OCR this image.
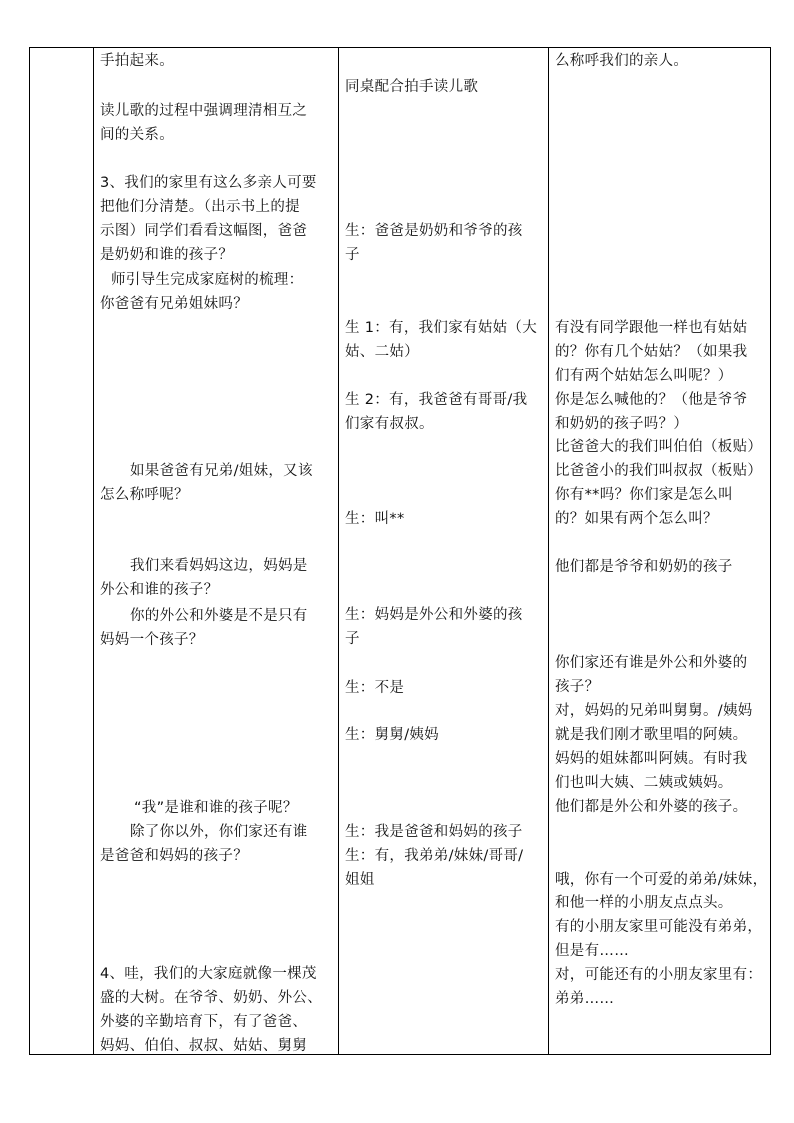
手拍起来。
读儿歌的过程中强调理清相互之
间的关系。
3、我们的家里有这么多亲人可要
把他们分清楚。（出示书上的提
示图）同学们看看这幅图，爸爸
是奶奶和谁的孩子？
师引导生完成家庭树的梳理：
你爸爸有兄弟姐妹吗？
如果爸爸有兄弟/姐妹，又该
怎么称呼呢？
我们来看妈妈这边，妈妈是
外公和谁的孩子？
你的外公和外婆是不是只有
妈妈一个孩子？
“我”是谁和谁的孩子呢？
除了你以外，你们家还有谁
是爸爸和妈妈的孩子？
4、哇，我们的大家庭就像一棵茂
盛的大树。在爷爷、奶奶、外公、
外婆的辛勤培育下，有了爸爸、
妈妈、伯伯、叔叔、姑姑、舅舅
同桌配合拍手读儿歌
生：爸爸是奶奶和爷爷的孩
子
生 1：有，我们家有姑姑（大
姑、二姑）
生 2：有，我爸爸有哥哥/我
们家有叔叔。
生：叫**
生：妈妈是外公和外婆的孩
子
生：不是
生：舅舅/姨妈
生：我是爸爸和妈妈的孩子
生：有，我弟弟/妹妹/哥哥/
姐姐
么称呼我们的亲人。
有没有同学跟他一样也有姑姑
的？你有几个姑姑？（如果我
们有两个姑姑怎么叫呢？）
你是怎么喊他的？（他是爷爷
和奶奶的孩子吗？）
比爸爸大的我们叫伯伯（板贴）
比爸爸小的我们叫叔叔（板贴）
你有**吗？你们家是怎么叫
的？如果有两个怎么叫？
他们都是爷爷和奶奶的孩子
你们家还有谁是外公和外婆的
孩子？
对，妈妈的兄弟叫舅舅。/姨妈
就是我们刚才歌里唱的阿姨。
妈妈的姐妹都叫阿姨。有时我
们也叫大姨、二姨或姨妈。
他们都是外公和外婆的孩子。
哦，你有一个可爱的弟弟/妹妹，
和他一样的小朋友点点头。
有的小朋友家里可能没有弟弟，
但是有……
对，可能还有的小朋友家里有：
弟弟……
